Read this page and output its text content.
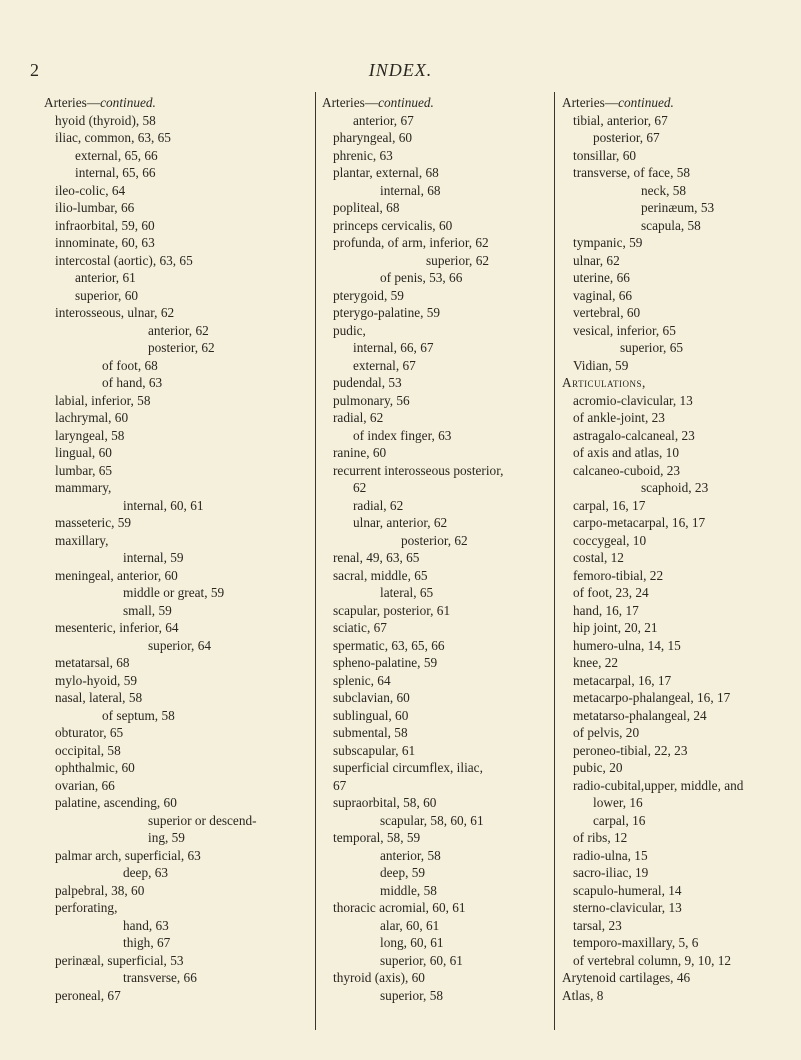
2	INDEX.
Arteries—continued.
hyoid (thyroid), 58
iliac, common, 63, 65
external, 65, 66
internal, 65, 66
ileo-colic, 64
ilio-lumbar, 66
infraorbital, 59, 60
innominate, 60, 63
intercostal (aortic), 63, 65
anterior, 61
superior, 60
interosseous, ulnar, 62
anterior, 62
posterior, 62
of foot, 68
of hand, 63
labial, inferior, 58
lachrymal, 60
laryngeal, 58
lingual, 60
lumbar, 65
mammary,
internal, 60, 61
masseteric, 59
maxillary,
internal, 59
meningeal, anterior, 60
middle or great, 59
small, 59
mesenteric, inferior, 64
superior, 64
metatarsal, 68
mylo-hyoid, 59
nasal, lateral, 58
of septum, 58
obturator, 65
occipital, 58
ophthalmic, 60
ovarian, 66
palatine, ascending, 60
superior or descend-
ing, 59
palmar arch, superficial, 63
deep, 63
palpebral, 38, 60
perforating,
hand, 63
thigh, 67
perinæal, superficial, 53
transverse, 66
peroneal, 67
Arteries—continued.
anterior, 67
pharyngeal, 60
phrenic, 63
plantar, external, 68
internal, 68
popliteal, 68
princeps cervicalis, 60
profunda, of arm, inferior, 62
superior, 62
of penis, 53, 66
pterygoid, 59
pterygo-palatine, 59
pudic,
internal, 66, 67
external, 67
pudendal, 53
pulmonary, 56
radial, 62
of index finger, 63
ranine, 60
recurrent interosseous posterior,
62
radial, 62
ulnar, anterior, 62
posterior, 62
renal, 49, 63, 65
sacral, middle, 65
lateral, 65
scapular, posterior, 61
sciatic, 67
spermatic, 63, 65, 66
spheno-palatine, 59
splenic, 64
subclavian, 60
sublingual, 60
submental, 58
subscapular, 61
superficial circumflex, iliac,
67
supraorbital, 58, 60
scapular, 58, 60, 61
temporal, 58, 59
anterior, 58
deep, 59
middle, 58
thoracic acromial, 60, 61
alar, 60, 61
long, 60, 61
superior, 60, 61
thyroid (axis), 60
superior, 58
Arteries—continued.
tibial, anterior, 67
posterior, 67
tonsillar, 60
transverse, of face, 58
neck, 58
perinæum, 53
scapula, 58
tympanic, 59
ulnar, 62
uterine, 66
vaginal, 66
vertebral, 60
vesical, inferior, 65
superior, 65
Vidian, 59
Articulations,
acromio-clavicular, 13
of ankle-joint, 23
astragalo-calcaneal, 23
of axis and atlas, 10
calcaneo-cuboid, 23
scaphoid, 23
carpal, 16, 17
carpo-metacarpal, 16, 17
coccygeal, 10
costal, 12
femoro-tibial, 22
of foot, 23, 24
hand, 16, 17
hip joint, 20, 21
humero-ulna, 14, 15
knee, 22
metacarpal, 16, 17
metacarpo-phalangeal, 16, 17
metatarso-phalangeal, 24
of pelvis, 20
peroneo-tibial, 22, 23
pubic, 20
radio-cubital,upper, middle, and
lower, 16
carpal, 16
of ribs, 12
radio-ulna, 15
sacro-iliac, 19
scapulo-humeral, 14
sterno-clavicular, 13
tarsal, 23
temporo-maxillary, 5, 6
of vertebral column, 9, 10, 12
Arytenoid cartilages, 46
Atlas, 8
